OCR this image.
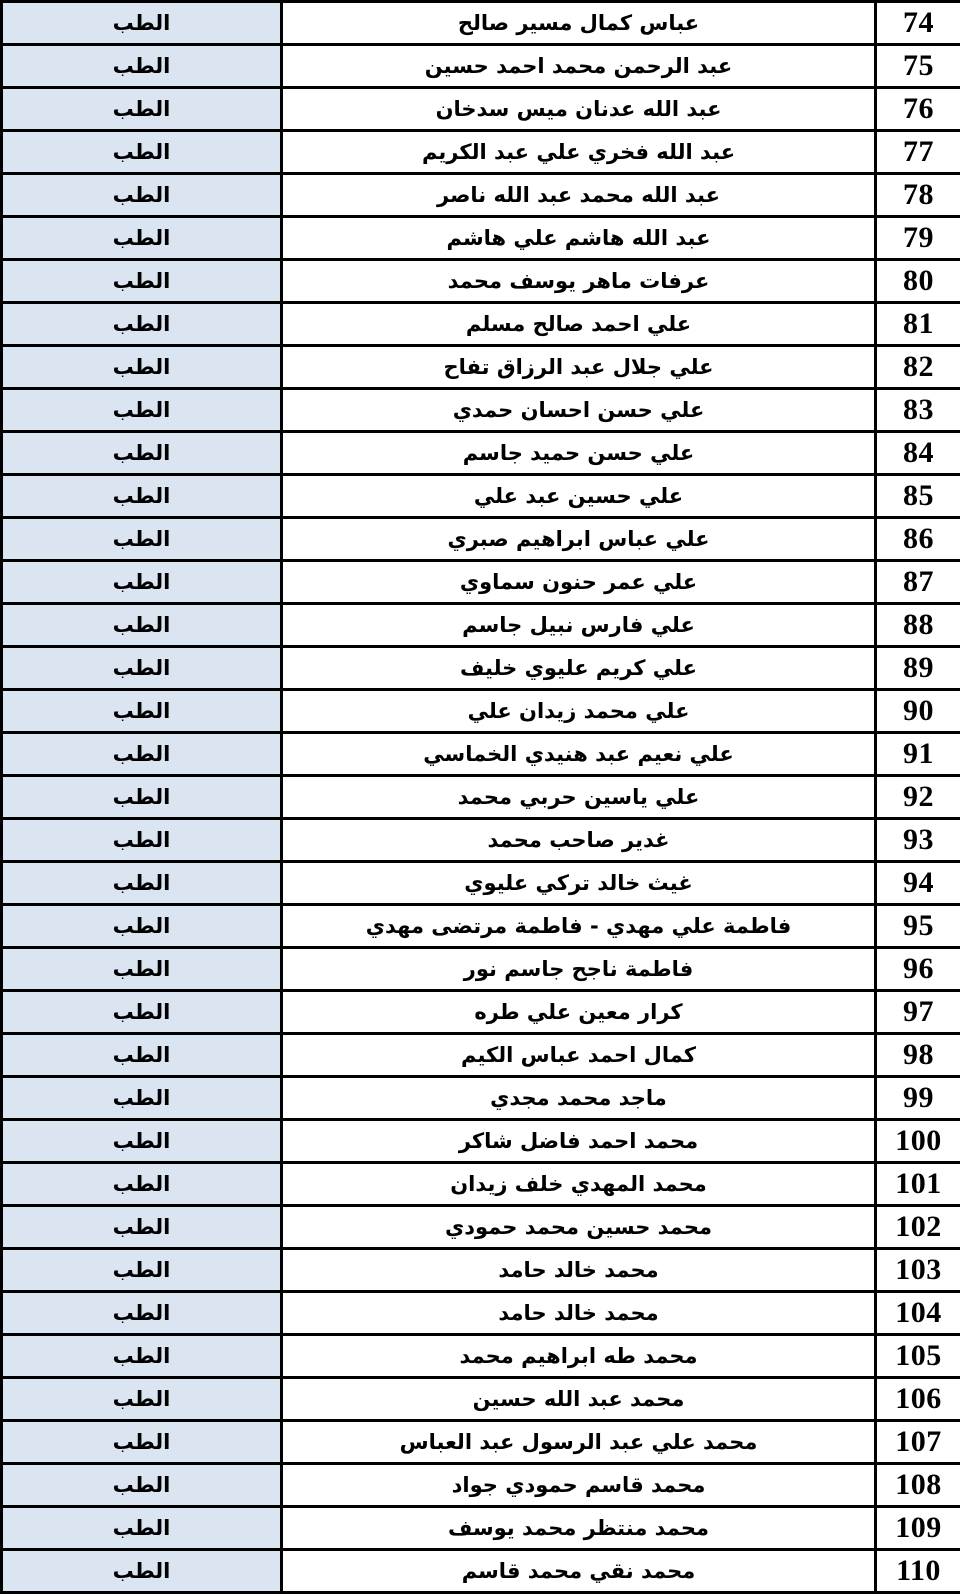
74	عباس كمال مسير صالح	الطب
75	عبد الرحمن محمد احمد حسين	الطب
76	عبد الله عدنان ميس سدخان	الطب
77	عبد الله فخري علي عبد الكريم	الطب
78	عبد الله محمد عبد الله ناصر	الطب
79	عبد الله هاشم علي هاشم	الطب
80	عرفات ماهر يوسف محمد	الطب
81	علي احمد صالح مسلم	الطب
82	علي جلال عبد الرزاق تفاح	الطب
83	علي حسن احسان حمدي	الطب
84	علي حسن حميد جاسم	الطب
85	علي حسين عبد علي	الطب
86	علي عباس ابراهيم صبري	الطب
87	علي عمر حنون سماوي	الطب
88	علي فارس نبيل جاسم	الطب
89	علي كريم عليوي خليف	الطب
90	علي محمد زيدان علي	الطب
91	علي نعيم عبد هنيدي الخماسي	الطب
92	علي ياسين حربي محمد	الطب
93	غدير صاحب محمد	الطب
94	غيث خالد تركي عليوي	الطب
95	فاطمة علي مهدي - فاطمة مرتضى مهدي	الطب
96	فاطمة ناجح جاسم نور	الطب
97	كرار معين علي طره	الطب
98	كمال احمد عباس الكيم	الطب
99	ماجد محمد مجدي	الطب
100	محمد احمد فاضل شاكر	الطب
101	محمد المهدي خلف زيدان	الطب
102	محمد حسين محمد حمودي	الطب
103	محمد خالد حامد	الطب
104	محمد خالد حامد	الطب
105	محمد طه ابراهيم محمد	الطب
106	محمد عبد الله حسين	الطب
107	محمد علي عبد الرسول عبد العباس	الطب
108	محمد قاسم حمودي جواد	الطب
109	محمد منتظر محمد يوسف	الطب
110	محمد نقي محمد قاسم	الطب
